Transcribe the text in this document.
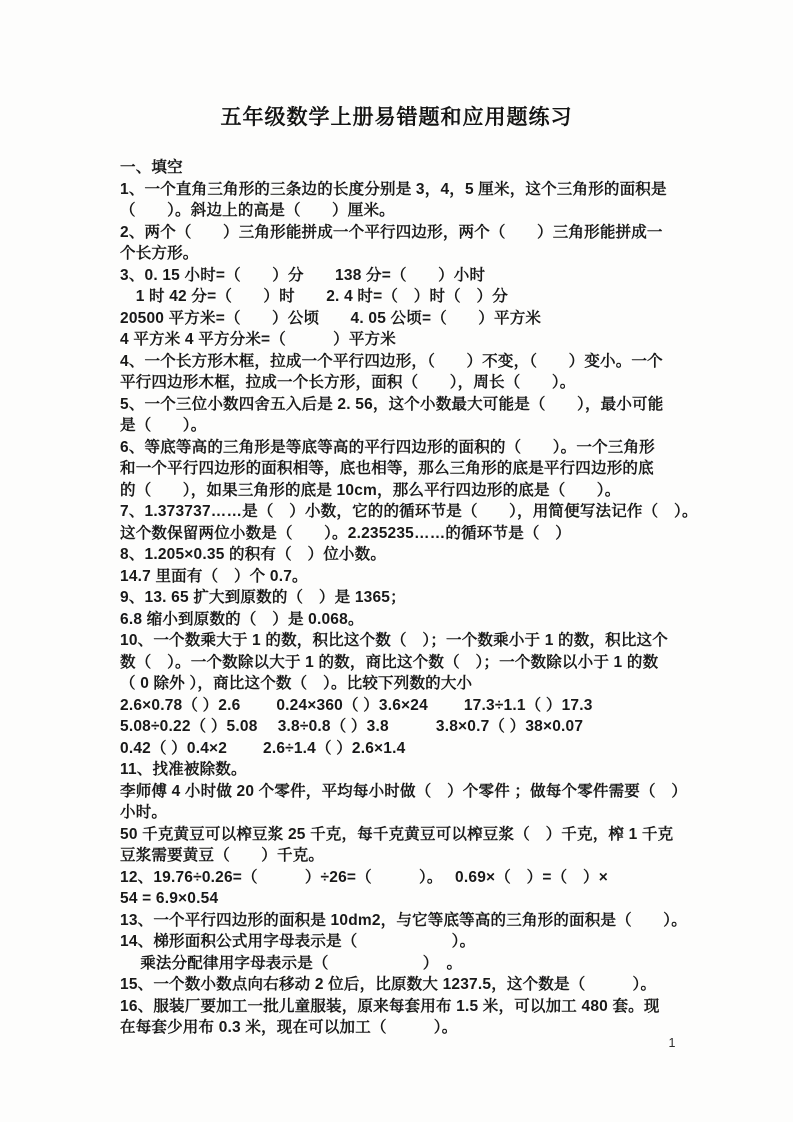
五年级数学上册易错题和应用题练习
一、填空
1、一个直角三角形的三条边的长度分别是 3，4，5 厘米，这个三角形的面积是
（　　）。斜边上的高是（　　）厘米。
2、两个（　　）三角形能拼成一个平行四边形，两个（　　）三角形能拼成一
个长方形。
3、0. 15 小时=（　　）分　　138 分=（　　）小时
　1 时 42 分=（　　）时　　2. 4 时=（　）时（　）分
20500 平方米=（　　）公顷　　4. 05 公顷=（　　）平方米
4 平方米 4 平方分米=（　　　）平方米
4、一个长方形木框，拉成一个平行四边形，（　　）不变，（　　）变小。一个
平行四边形木框，拉成一个长方形，面积（　　），周长（　　）。
5、一个三位小数四舍五入后是 2. 56，这个小数最大可能是（　　），最小可能
是（　　）。
6、等底等高的三角形是等底等高的平行四边形的面积的（　　）。一个三角形
和一个平行四边形的面积相等，底也相等，那么三角形的底是平行四边形的底
的（　　），如果三角形的底是 10cm，那么平行四边形的底是（　　）。
7、1.373737……是（　）小数，它的的循环节是（　　），用简便写法记作（　）。
这个数保留两位小数是（　　）。2.235235……的循环节是（　）
8、1.205×0.35 的积有（　）位小数。
14.7 里面有（　）个 0.7。
9、13. 65 扩大到原数的（　）是 1365；
6.8 缩小到原数的（　）是 0.068。
10、一个数乘大于 1 的数，积比这个数（　）；一个数乘小于 1 的数，积比这个
数（　）。一个数除以大于 1 的数，商比这个数（　）；一个数除以小于 1 的数
（ 0 除外 ），商比这个数（　）。比较下列数的大小
2.6×0.78（ ）2.6　　 0.24×360（ ）3.6×24　　 17.3÷1.1（ ）17.3
5.08÷0.22（ ）5.08　 3.8÷0.8（ ）3.8　　　3.8×0.7（ ）38×0.07
0.42（ ）0.4×2　　 2.6÷1.4（ ）2.6×1.4
11、找准被除数。
李师傅 4 小时做 20 个零件，平均每小时做（　）个零件 ；做每个零件需要（　）
小时。
50 千克黄豆可以榨豆浆 25 千克，每千克黄豆可以榨豆浆（　）千克，榨 1 千克
豆浆需要黄豆（　　）千克。
12、19.76÷0.26=（　　　）÷26=（　　　）。　 0.69×（　）=（　）×
54 = 6.9×0.54
13、一个平行四边形的面积是 10dm2，与它等底等高的三角形的面积是（　　）。
14、梯形面积公式用字母表示是（　　　　　　）。
　 乘法分配律用字母表示是（　　　　　　）　。
15、一个数小数点向右移动 2 位后，比原数大 1237.5，这个数是（　　　）。
16、服装厂要加工一批儿童服装，原来每套用布 1.5 米，可以加工 480 套。现
在每套少用布 0.3 米，现在可以加工（　　　）。
1
